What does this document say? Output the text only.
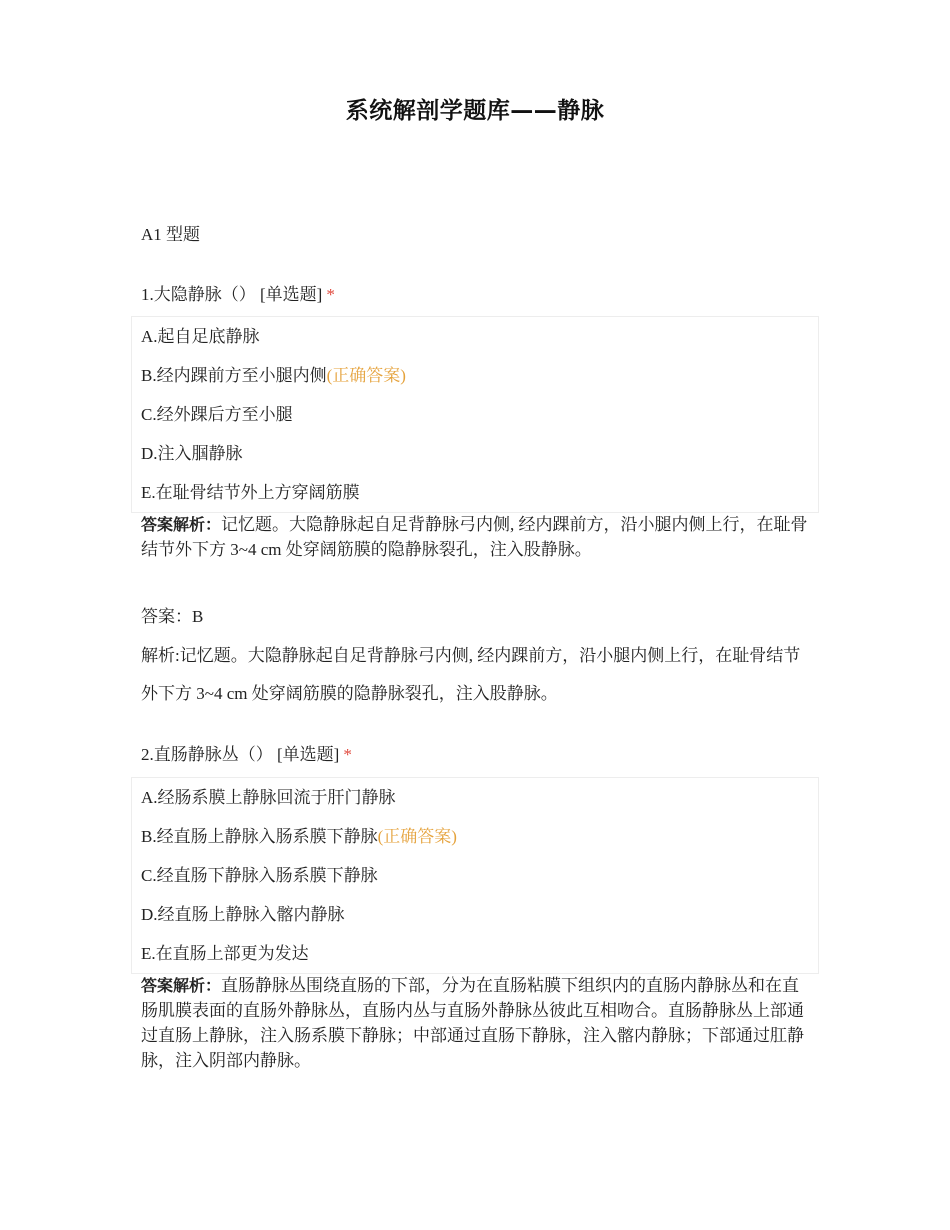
系统解剖学题库——静脉
A1 型题
1.大隐静脉（） [单选题] *
A.起自足底静脉
B.经内踝前方至小腿内侧(正确答案)
C.经外踝后方至小腿
D.注入腘静脉
E.在耻骨结节外上方穿阔筋膜
答案解析：记忆题。大隐静脉起自足背静脉弓内侧, 经内踝前方，沿小腿内侧上行，在耻骨结节外下方 3~4 cm 处穿阔筋膜的隐静脉裂孔，注入股静脉。
答案：B
解析:记忆题。大隐静脉起自足背静脉弓内侧, 经内踝前方，沿小腿内侧上行，在耻骨结节外下方 3~4 cm 处穿阔筋膜的隐静脉裂孔，注入股静脉。
2.直肠静脉丛（） [单选题] *
A.经肠系膜上静脉回流于肝门静脉
B.经直肠上静脉入肠系膜下静脉(正确答案)
C.经直肠下静脉入肠系膜下静脉
D.经直肠上静脉入髂内静脉
E.在直肠上部更为发达
答案解析：直肠静脉丛围绕直肠的下部，分为在直肠粘膜下组织内的直肠内静脉丛和在直肠肌膜表面的直肠外静脉丛，直肠内丛与直肠外静脉丛彼此互相吻合。直肠静脉丛上部通过直肠上静脉，注入肠系膜下静脉；中部通过直肠下静脉，注入髂内静脉；下部通过肛静脉，注入阴部内静脉。
